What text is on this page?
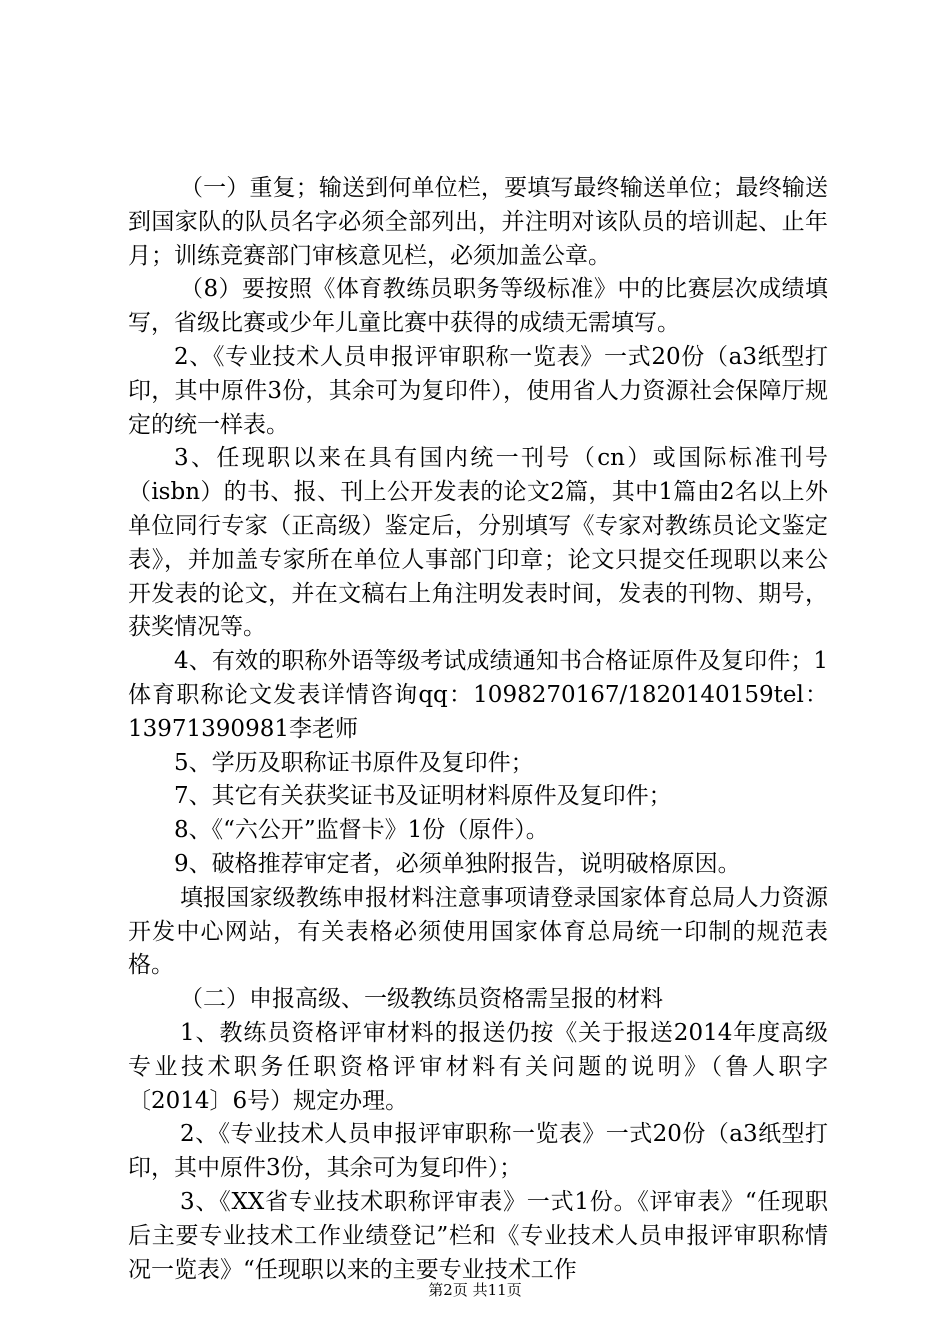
（一）重复；输送到何单位栏，要填写最终输送单位；最终输送到国家队的队员名字必须全部列出，并注明对该队员的培训起、止年月；训练竞赛部门审核意见栏，必须加盖公章。

（8）要按照《体育教练员职务等级标准》中的比赛层次成绩填写，省级比赛或少年儿童比赛中获得的成绩无需填写。

2、《专业技术人员申报评审职称一览表》一式20份（a3纸型打印，其中原件3份，其余可为复印件），使用省人力资源社会保障厅规定的统一样表。

3、任现职以来在具有国内统一刊号（cn）或国际标准刊号（isbn）的书、报、刊上公开发表的论文2篇，其中1篇由2名以上外单位同行专家（正高级）鉴定后，分别填写《专家对教练员论文鉴定表》，并加盖专家所在单位人事部门印章；论文只提交任现职以来公开发表的论文，并在文稿右上角注明发表时间，发表的刊物、期号，获奖情况等。

4、有效的职称外语等级考试成绩通知书合格证原件及复印件；1体育职称论文发表详情咨询qq：1098270167/1820140159tel：13971390981李老师

5、学历及职称证书原件及复印件；

7、其它有关获奖证书及证明材料原件及复印件；

8、《“六公开”监督卡》1份（原件）。

9、破格推荐审定者，必须单独附报告，说明破格原因。

填报国家级教练申报材料注意事项请登录国家体育总局人力资源开发中心网站，有关表格必须使用国家体育总局统一印制的规范表格。

（二）申报高级、一级教练员资格需呈报的材料

1、教练员资格评审材料的报送仍按《关于报送2014年度高级专业技术职务任职资格评审材料有关问题的说明》（鲁人职字〔2014〕6号）规定办理。

2、《专业技术人员申报评审职称一览表》一式20份（a3纸型打印，其中原件3份，其余可为复印件）；

3、《XX省专业技术职称评审表》一式1份。《评审表》“任现职后主要专业技术工作业绩登记”栏和《专业技术人员申报评审职称情况一览表》“任现职以来的主要专业技术工作

第2页 共11页
